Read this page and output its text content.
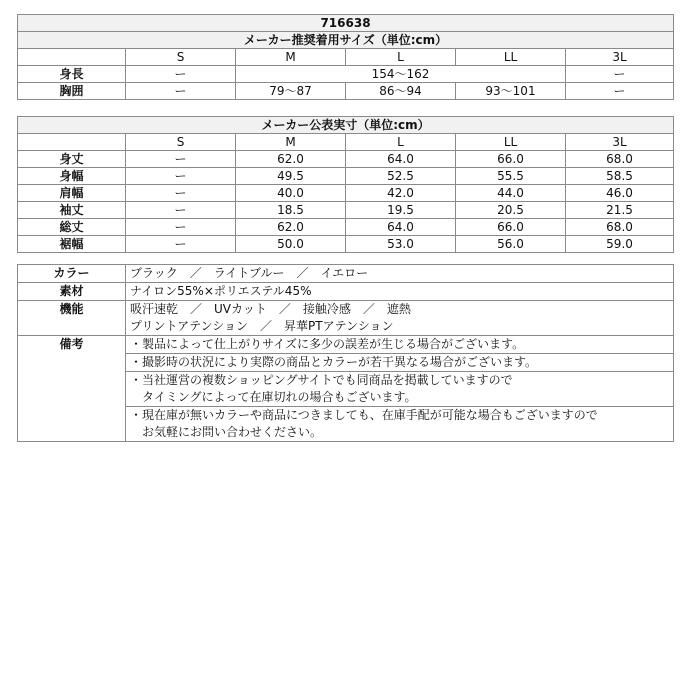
716638					
メーカー推奨着用サイズ（単位:cm）					
	S	M	L	LL	3L
身長	ー	154〜162			ー
胸囲	ー	79〜87	86〜94	93〜101	ー
メーカー公表実寸（単位:cm）					
	S	M	L	LL	3L
身丈	ー	62.0	64.0	66.0	68.0
身幅	ー	49.5	52.5	55.5	58.5
肩幅	ー	40.0	42.0	44.0	46.0
袖丈	ー	18.5	19.5	20.5	21.5
総丈	ー	62.0	64.0	66.0	68.0
裾幅	ー	50.0	53.0	56.0	59.0
カラー	ブラック　／　ライトブルー　／　イエロー
素材	ナイロン55%×ポリエステル45%
機能	吸汗速乾　／　UVカット　／　接触冷感　／　遮熱
プリントアテンション　／　昇華PTアテンション

備考	・製品によって仕上がりサイズに多少の誤差が生じる場合がございます。
	・撮影時の状況により実際の商品とカラーが若干異なる場合がございます。

	・当社運営の複数ショッピングサイトでも同商品を掲載していますので
　タイミングによって在庫切れの場合もございます。

	・現在庫が無いカラーや商品につきましても、在庫手配が可能な場合もございますので
　お気軽にお問い合わせください。
